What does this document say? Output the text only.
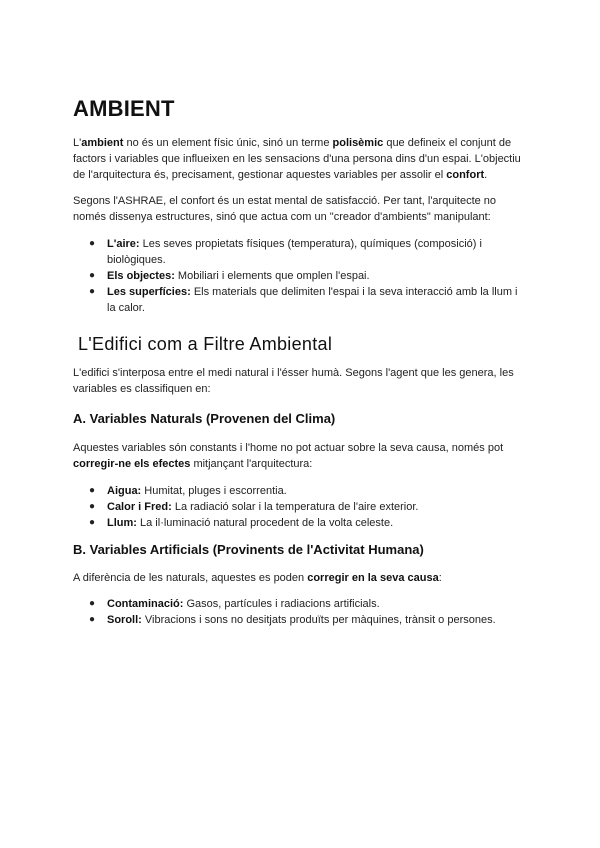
AMBIENT

L'ambient no és un element físic únic, sinó un terme polisèmic que defineix el conjunt de factors i variables que influeixen en les sensacions d'una persona dins d'un espai. L'objectiu de l'arquitectura és, precisament, gestionar aquestes variables per assolir el confort.

Segons l'ASHRAE, el confort és un estat mental de satisfacció. Per tant, l'arquitecte no només dissenya estructures, sinó que actua com un "creador d'ambients" manipulant:

● L'aire: Les seves propietats físiques (temperatura), químiques (composició) i biològiques.
● Els objectes: Mobiliari i elements que omplen l'espai.
● Les superfícies: Els materials que delimiten l'espai i la seva interacció amb la llum i la calor.
L'Edifici com a Filtre Ambiental

L'edifici s'interposa entre el medi natural i l'ésser humà. Segons l'agent que les genera, les variables es classifiquen en:

A. Variables Naturals (Provenen del Clima)

Aquestes variables són constants i l'home no pot actuar sobre la seva causa, només pot corregir-ne els efectes mitjançant l'arquitectura:

● Aigua: Humitat, pluges i escorrentia.
● Calor i Fred: La radiació solar i la temperatura de l'aire exterior.
● Llum: La il·luminació natural procedent de la volta celeste.
B. Variables Artificials (Provinents de l'Activitat Humana)

A diferència de les naturals, aquestes es poden corregir en la seva causa:

● Contaminació: Gasos, partícules i radiacions artificials.
● Soroll: Vibracions i sons no desitjats produïts per màquines, trànsit o persones.
